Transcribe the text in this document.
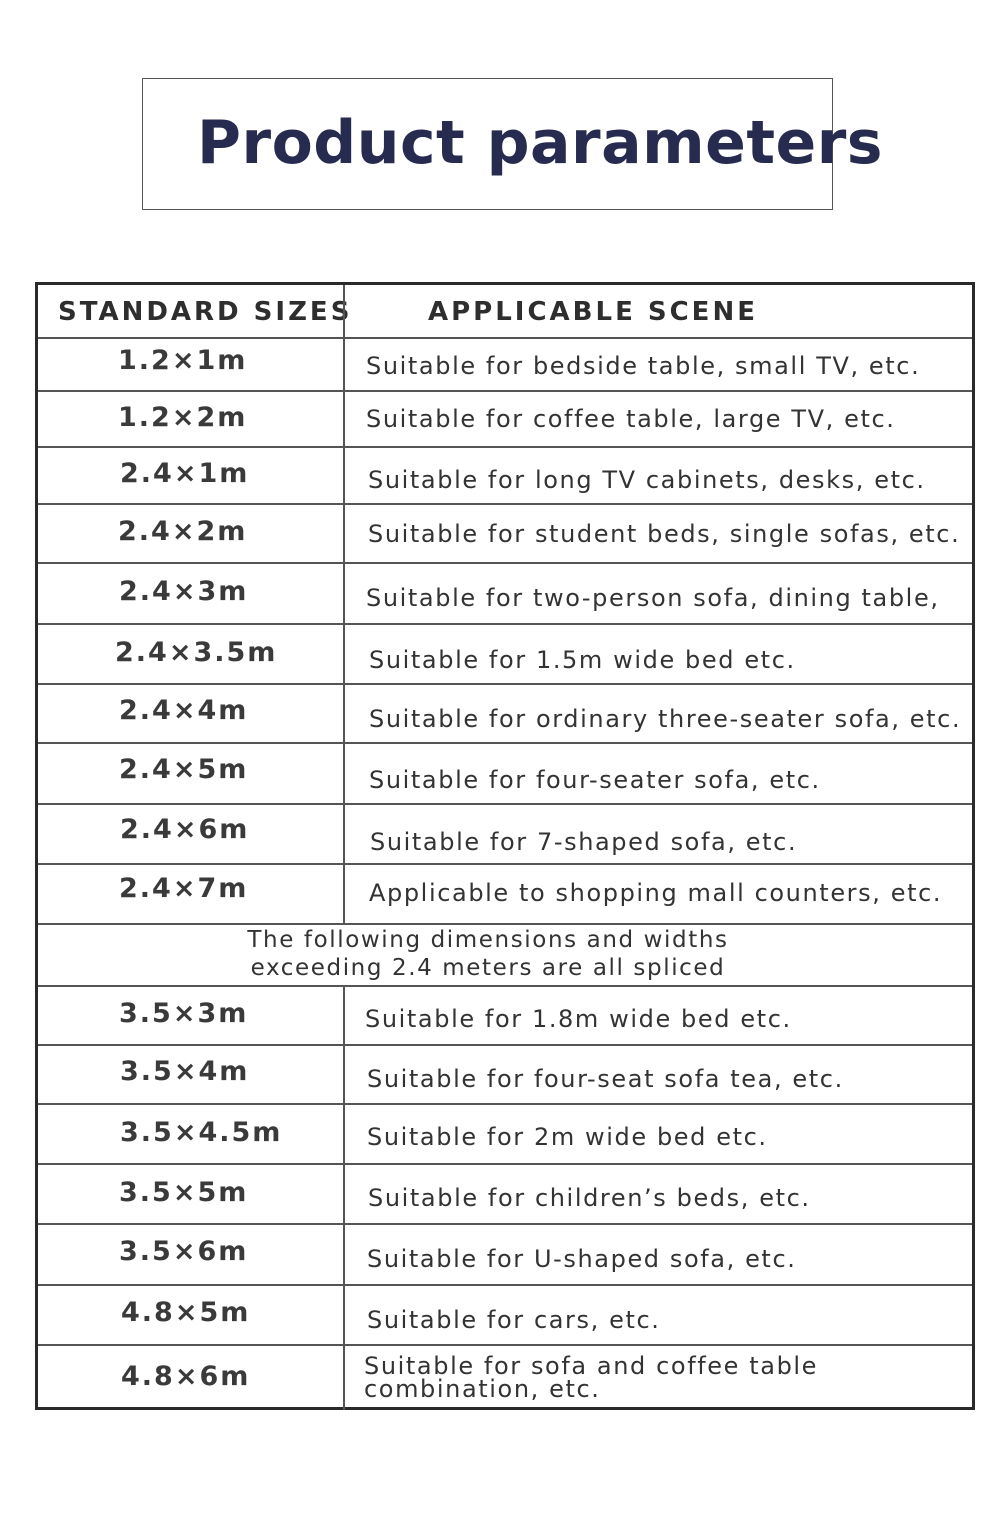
Product parameters
STANDARD SIZES	APPLICABLE SCENE
1.2×1m	Suitable for bedside table, small TV, etc.
1.2×2m	Suitable for coffee table, large TV, etc.
2.4×1m	Suitable for long TV cabinets, desks, etc.
2.4×2m	Suitable for student beds, single sofas, etc.
2.4×3m	Suitable for two-person sofa, dining table,
2.4×3.5m	Suitable for 1.5m wide bed etc.
2.4×4m	Suitable for ordinary three-seater sofa, etc.
2.4×5m	Suitable for four-seater sofa, etc.
2.4×6m	Suitable for 7-shaped sofa, etc.
2.4×7m	Applicable to shopping mall counters, etc.
The following dimensions and widths
exceeding 2.4 meters are all spliced
3.5×3m	Suitable for 1.8m wide bed etc.
3.5×4m	Suitable for four-seat sofa tea, etc.
3.5×4.5m	Suitable for 2m wide bed etc.
3.5×5m	Suitable for children’s beds, etc.
3.5×6m	Suitable for U-shaped sofa, etc.
4.8×5m	Suitable for cars, etc.
4.8×6m	Suitable for sofa and coffee table
combination, etc.
